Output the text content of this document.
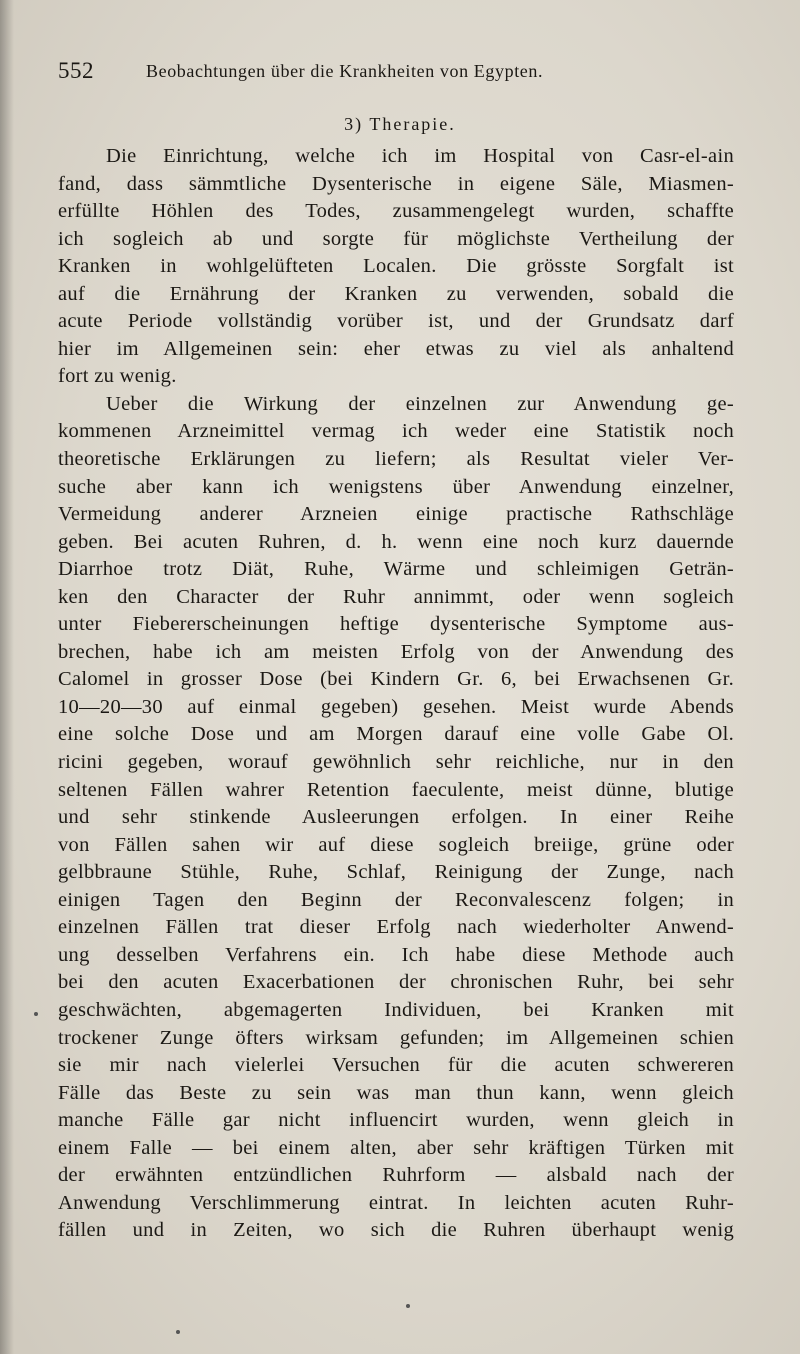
552	Beobachtungen über die Krankheiten von Egypten.
3) Therapie.
Die Einrichtung, welche ich im Hospital von Casr-el-ain
fand, dass sämmtliche Dysenterische in eigene Säle, Miasmen-
erfüllte Höhlen des Todes, zusammengelegt wurden, schaffte
ich sogleich ab und sorgte für möglichste Vertheilung der
Kranken in wohlgelüfteten Localen. Die grösste Sorgfalt ist
auf die Ernährung der Kranken zu verwenden, sobald die
acute Periode vollständig vorüber ist, und der Grundsatz darf
hier im Allgemeinen sein: eher etwas zu viel als anhaltend
fort zu wenig.
Ueber die Wirkung der einzelnen zur Anwendung ge-
kommenen Arzneimittel vermag ich weder eine Statistik noch
theoretische Erklärungen zu liefern; als Resultat vieler Ver-
suche aber kann ich wenigstens über Anwendung einzelner,
Vermeidung anderer Arzneien einige practische Rathschläge
geben. Bei acuten Ruhren, d. h. wenn eine noch kurz dauernde
Diarrhoe trotz Diät, Ruhe, Wärme und schleimigen Geträn-
ken den Character der Ruhr annimmt, oder wenn sogleich
unter Fiebererscheinungen heftige dysenterische Symptome aus-
brechen, habe ich am meisten Erfolg von der Anwendung des
Calomel in grosser Dose (bei Kindern Gr. 6, bei Erwachsenen Gr.
10—20—30 auf einmal gegeben) gesehen. Meist wurde Abends
eine solche Dose und am Morgen darauf eine volle Gabe Ol.
ricini gegeben, worauf gewöhnlich sehr reichliche, nur in den
seltenen Fällen wahrer Retention faeculente, meist dünne, blutige
und sehr stinkende Ausleerungen erfolgen. In einer Reihe
von Fällen sahen wir auf diese sogleich breiige, grüne oder
gelbbraune Stühle, Ruhe, Schlaf, Reinigung der Zunge, nach
einigen Tagen den Beginn der Reconvalescenz folgen; in
einzelnen Fällen trat dieser Erfolg nach wiederholter Anwend-
ung desselben Verfahrens ein. Ich habe diese Methode auch
bei den acuten Exacerbationen der chronischen Ruhr, bei sehr
geschwächten, abgemagerten Individuen, bei Kranken mit
trockener Zunge öfters wirksam gefunden; im Allgemeinen schien
sie mir nach vielerlei Versuchen für die acuten schwereren
Fälle das Beste zu sein was man thun kann, wenn gleich
manche Fälle gar nicht influencirt wurden, wenn gleich in
einem Falle — bei einem alten, aber sehr kräftigen Türken mit
der erwähnten entzündlichen Ruhrform — alsbald nach der
Anwendung Verschlimmerung eintrat. In leichten acuten Ruhr-
fällen und in Zeiten, wo sich die Ruhren überhaupt wenig
